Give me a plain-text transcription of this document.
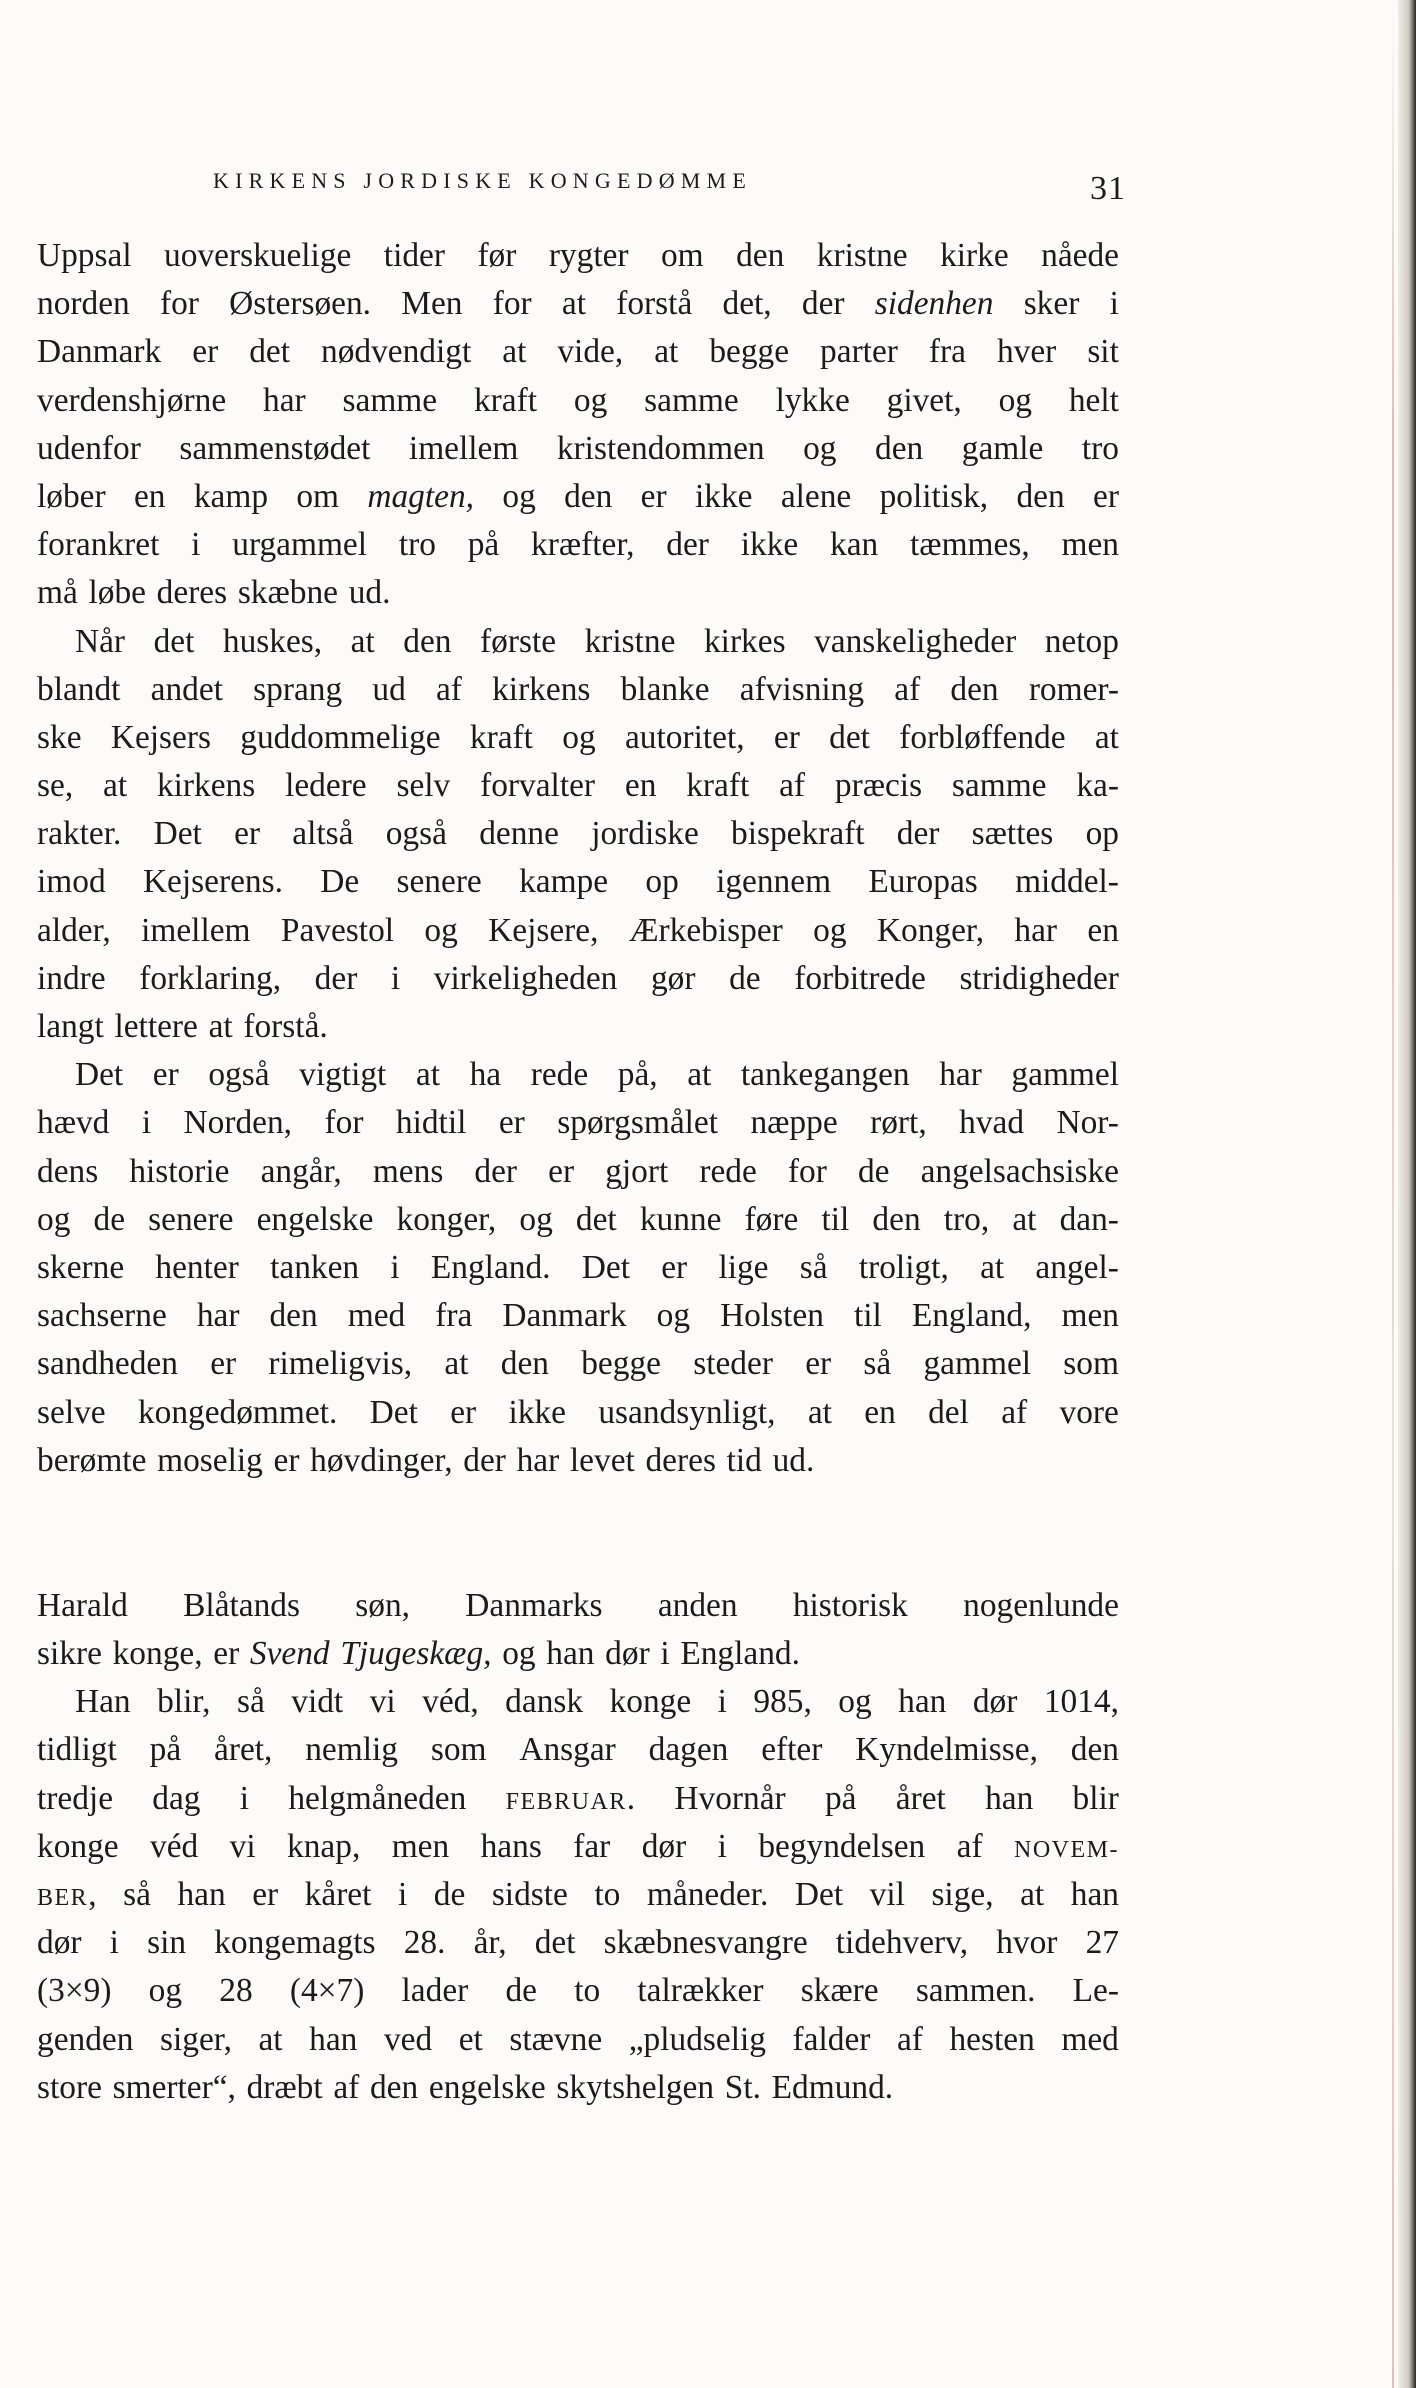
KIRKENS JORDISKE KONGEDØMME	31
Uppsal uoverskuelige tider før rygter om den kristne kirke nåede
norden for Østersøen. Men for at forstå det, der sidenhen sker i
Danmark er det nødvendigt at vide, at begge parter fra hver sit
verdenshjørne har samme kraft og samme lykke givet, og helt
udenfor sammenstødet imellem kristendommen og den gamle tro
løber en kamp om magten, og den er ikke alene politisk, den er
forankret i urgammel tro på kræfter, der ikke kan tæmmes, men
må løbe deres skæbne ud.
Når det huskes, at den første kristne kirkes vanskeligheder netop
blandt andet sprang ud af kirkens blanke afvisning af den romer-
ske Kejsers guddommelige kraft og autoritet, er det forbløffende at
se, at kirkens ledere selv forvalter en kraft af præcis samme ka-
rakter. Det er altså også denne jordiske bispekraft der sættes op
imod Kejserens. De senere kampe op igennem Europas middel-
alder, imellem Pavestol og Kejsere, Ærkebisper og Konger, har en
indre forklaring, der i virkeligheden gør de forbitrede stridigheder
langt lettere at forstå.
Det er også vigtigt at ha rede på, at tankegangen har gammel
hævd i Norden, for hidtil er spørgsmålet næppe rørt, hvad Nor-
dens historie angår, mens der er gjort rede for de angelsachsiske
og de senere engelske konger, og det kunne føre til den tro, at dan-
skerne henter tanken i England. Det er lige så troligt, at angel-
sachserne har den med fra Danmark og Holsten til England, men
sandheden er rimeligvis, at den begge steder er så gammel som
selve kongedømmet. Det er ikke usandsynligt, at en del af vore
berømte moselig er høvdinger, der har levet deres tid ud.
Harald Blåtands søn, Danmarks anden historisk nogenlunde
sikre konge, er Svend Tjugeskæg, og han dør i England.
Han blir, så vidt vi véd, dansk konge i 985, og han dør 1014,
tidligt på året, nemlig som Ansgar dagen efter Kyndelmisse, den
tredje dag i helgmåneden FEBRUAR. Hvornår på året han blir
konge véd vi knap, men hans far dør i begyndelsen af NOVEM-
BER, så han er kåret i de sidste to måneder. Det vil sige, at han
dør i sin kongemagts 28. år, det skæbnesvangre tidehverv, hvor 27
(3×9) og 28 (4×7) lader de to talrækker skære sammen. Le-
genden siger, at han ved et stævne „pludselig falder af hesten med
store smerter“, dræbt af den engelske skytshelgen St. Edmund.
